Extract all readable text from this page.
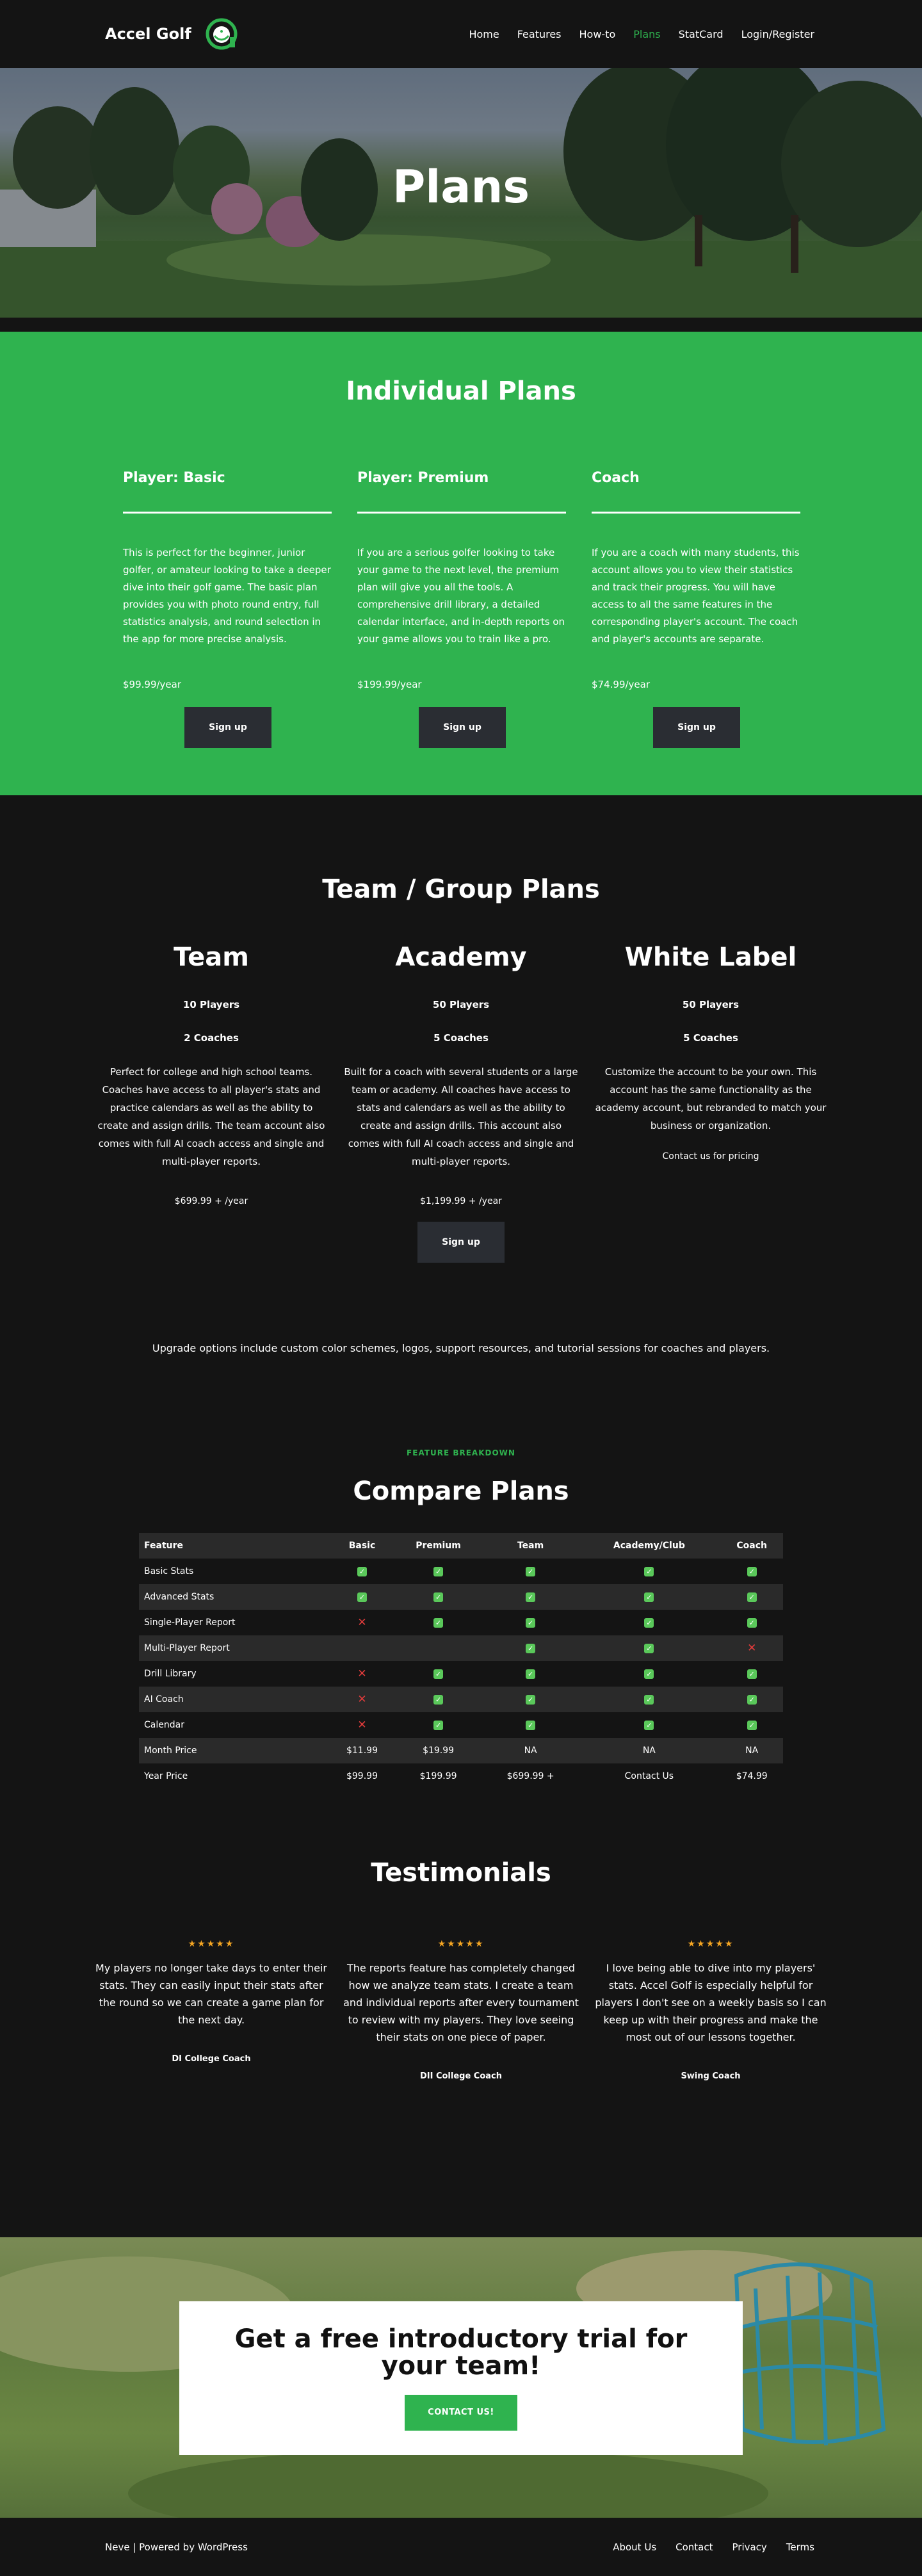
Accel Golf	Home Features How-to Plans StatCard Login/Register
Plans
Individual Plans
Player: Basic

This is perfect for the beginner, junior golfer, or amateur looking to take a deeper dive into their golf game. The basic plan provides you with photo round entry, full statistics analysis, and round selection in the app for more precise analysis.

$99.99/year

Sign up
Player: Premium

If you are a serious golfer looking to take your game to the next level, the premium plan will give you all the tools. A comprehensive drill library, a detailed calendar interface, and in-depth reports on your game allows you to train like a pro.

$199.99/year

Sign up
Coach

If you are a coach with many students, this account allows you to view their statistics and track their progress. You will have access to all the same features in the corresponding player's account. The coach and player's accounts are separate.

$74.99/year

Sign up
Team / Group Plans
Team

10 Players

2 Coaches

Perfect for college and high school teams. Coaches have access to all player's stats and practice calendars as well as the ability to create and assign drills. The team account also comes with full AI coach access and single and multi-player reports.

$699.99 + /year

Academy

50 Players

5 Coaches

Built for a coach with several students or a large team or academy. All coaches have access to stats and calendars as well as the ability to create and assign drills. This account also comes with full AI coach access and single and multi-player reports.

$1,199.99 + /year

White Label

50 Players

5 Coaches

Customize the account to be your own. This account has the same functionality as the academy account, but rebranded to match your business or organization.

Contact us for pricing

Sign up

Upgrade options include custom color schemes, logos, support resources, and tutorial sessions for coaches and players.

FEATURE BREAKDOWN

Compare Plans
Feature	Basic	Premium	Team	Academy/Club	Coach
Basic Stats	✓	✓	✓	✓	✓
Advanced Stats	✓	✓	✓	✓	✓
Single-Player Report	✕	✓	✓	✓	✓
Multi-Player Report			✓	✓	✕
Drill Library	✕	✓	✓	✓	✓
AI Coach	✕	✓	✓	✓	✓
Calendar	✕	✓	✓	✓	✓
Month Price	$11.99	$19.99	NA	NA	NA
Year Price	$99.99	$199.99	$699.99 +	Contact Us	$74.99
Testimonials
★★★★★

My players no longer take days to enter their stats. They can easily input their stats after the round so we can create a game plan for the next day.

DI College Coach

★★★★★

The reports feature has completely changed how we analyze team stats. I create a team and individual reports after every tournament to review with my players. They love seeing their stats on one piece of paper.

DII College Coach

★★★★★

I love being able to dive into my players' stats. Accel Golf is especially helpful for players I don't see on a weekly basis so I can keep up with their progress and make the most out of our lessons together.

Swing Coach

Get a free introductory trial for your team!
CONTACT US!
Neve | Powered by WordPress	About Us Contact Privacy Terms
